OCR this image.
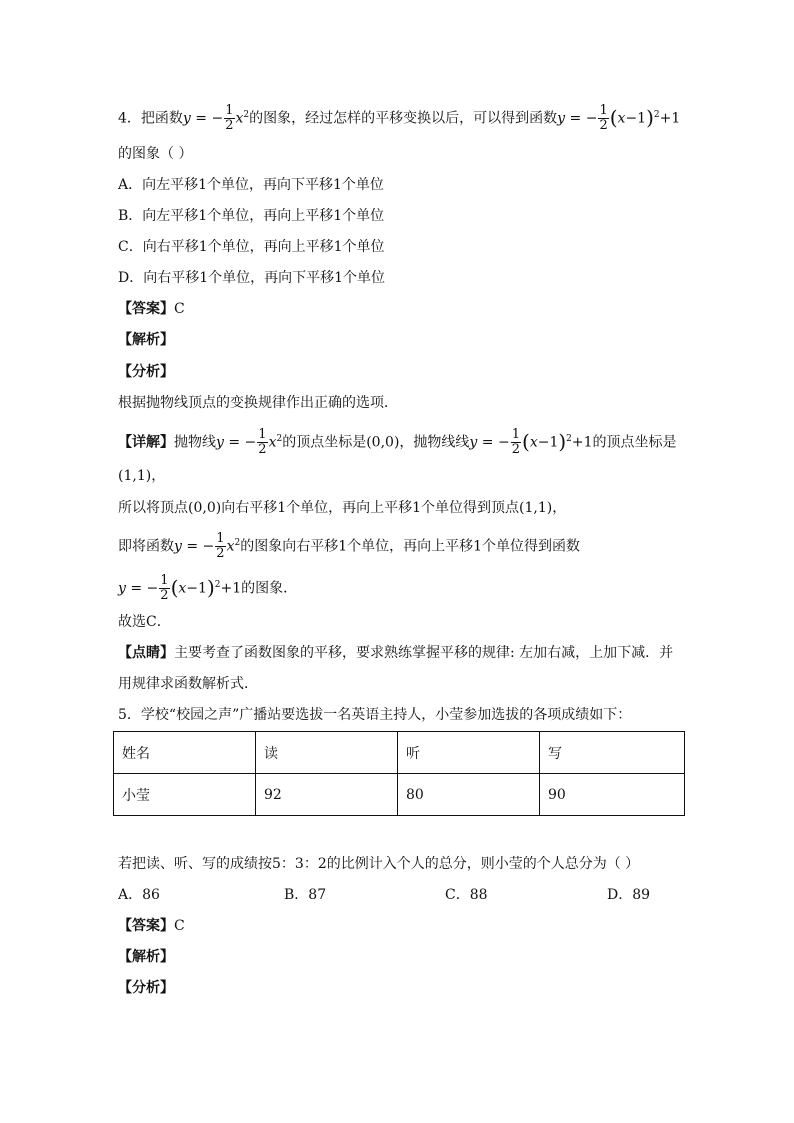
4．把函数y = − $\frac{1}{2} x^2$的图象，经过怎样的平移变换以后，可以得到函数y = − $\frac{1}{2} (x-1)^2+1$
的图象（ ）
A．向左平移1个单位，再向下平移1个单位
B．向左平移1个单位，再向上平移1个单位
C．向右平移1个单位，再向上平移1个单位
D．向右平移1个单位，再向下平移1个单位
【答案】C
【解析】
【分析】
根据抛物线顶点的变换规律作出正确的选项．
【详解】抛物线y = − $\frac{1}{2} x^2$的顶点坐标是(0,0)，抛物线线y = − $\frac{1}{2} (x-1)^2+1$的顶点坐标是
(1,1)，
所以将顶点(0,0)向右平移1个单位，再向上平移1个单位得到顶点(1,1)，
即将函数y = − $\frac{1}{2} x^2$的图象向右平移1个单位，再向上平移1个单位得到函数
y = − $\frac{1}{2} (x-1)^2+1$的图象．
故选C．
【点睛】主要考查了函数图象的平移，要求熟练掌握平移的规律: 左加右减，上加下减．并
用规律求函数解析式．
5．学校“校园之声”广播站要选拔一名英语主持人，小莹参加选拔的各项成绩如下：
姓名	读	听	写
小莹	92	80	90
若把读、听、写的成绩按5：3：2的比例计入个人的总分，则小莹的个人总分为（ ）
A．86	B．87	C．88	D．89
【答案】C
【解析】
【分析】
